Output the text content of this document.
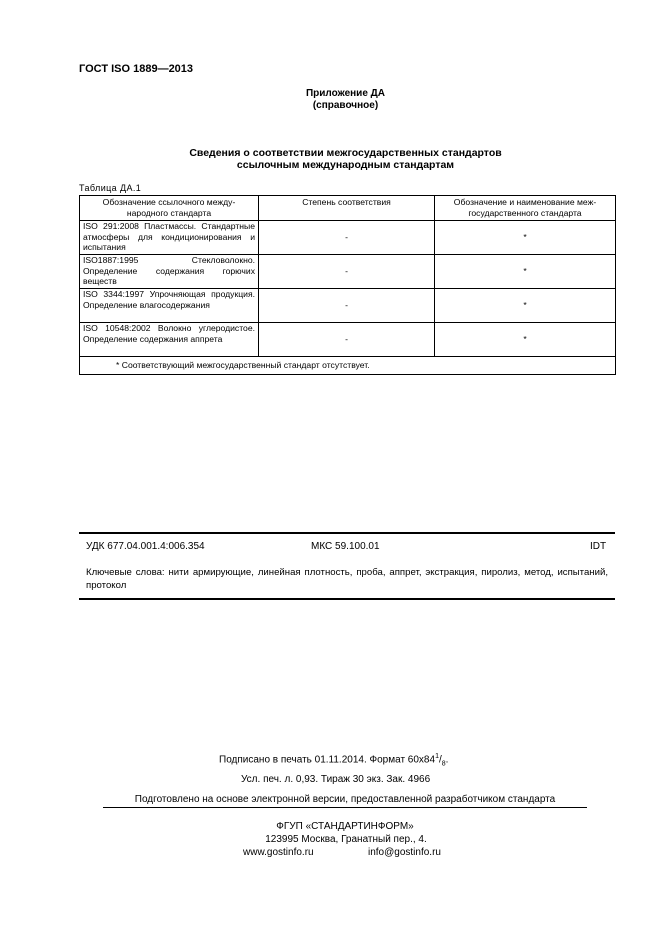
ГОСТ ISO 1889—2013
Приложение ДА
(справочное)
Сведения о соответствии межгосударственных стандартов
ссылочным международным стандартам
Таблица ДА.1
Обозначение ссылочного между-народного стандарта	Степень соответствия	Обозначение и наименование меж-государственного стандарта
ISO 291:2008 Пластмассы. Стандартные атмосферы для кондиционирования и испытания	-	*
ISO1887:1995 Стекловолокно. Определение содержания горючих веществ	-	*
ISO 3344:1997 Упрочняющая продукция. Определение влагосодержания	-	*
ISO 10548:2002 Волокно углеродистое. Определение содержания аппрета	-	*
* Соответствующий межгосударственный стандарт отсутствует.		
УДК 677.04.001.4:006.354	МКС 59.100.01	IDT
Ключевые слова: нити армирующие, линейная плотность, проба, аппрет, экстракция, пиролиз, метод, испытаний, протокол
Подписано в печать 01.11.2014. Формат $60x84^1/_8$.
Усл. печ. л. 0,93. Тираж 30 экз. Зак. 4966
Подготовлено на основе электронной версии, предоставленной разработчиком стандарта
ФГУП «СТАНДАРТИНФОРМ»
123995 Москва, Гранатный пер., 4.
www.gostinfo.ru	info@gostinfo.ru
